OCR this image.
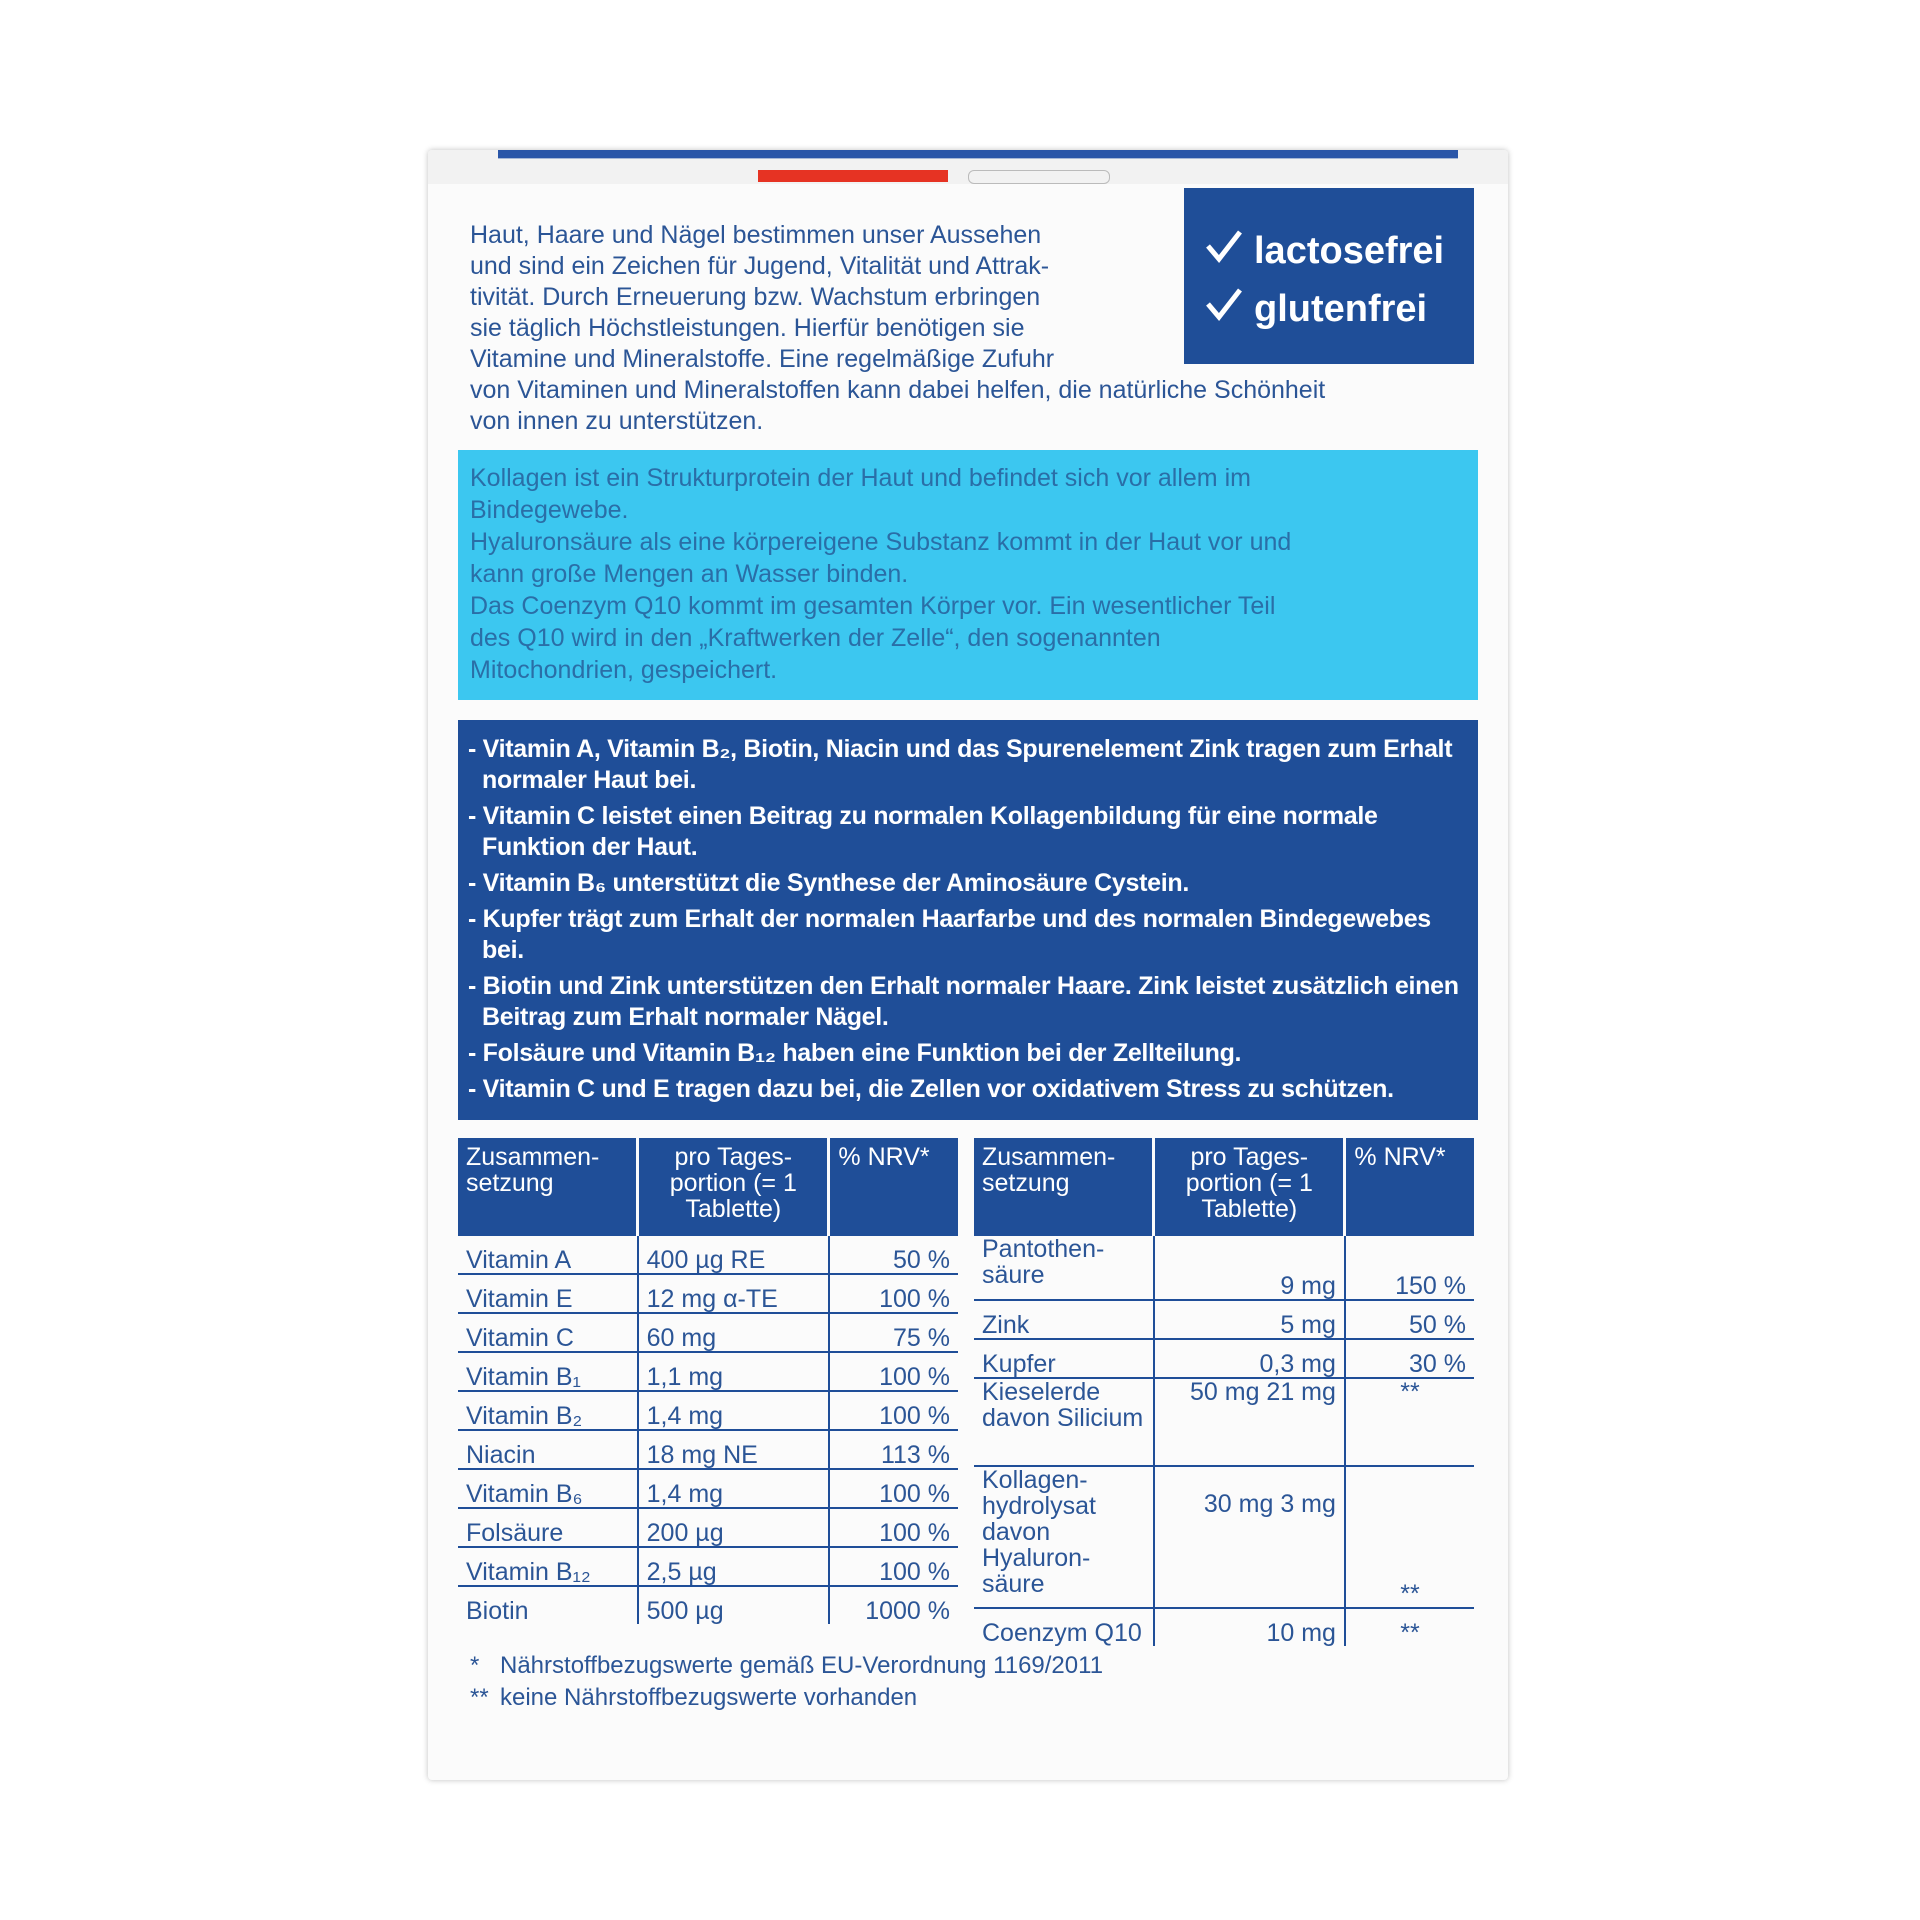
Haut, Haare und Nägel bestimmen unser Aussehen

und sind ein Zeichen für Jugend, Vitalität und Attrak-

tivität. Durch Erneuerung bzw. Wachstum erbringen

sie täglich Höchstleistungen. Hierfür benötigen sie

Vitamine und Mineralstoffe. Eine regelmäßige Zufuhr

von Vitaminen und Mineralstoffen kann dabei helfen, die natürliche Schönheit

von innen zu unterstützen.

lactosefrei
glutenfrei

Kollagen ist ein Strukturprotein der Haut und befindet sich vor allem im

Bindegewebe.

Hyaluronsäure als eine körpereigene Substanz kommt in der Haut vor und

kann große Mengen an Wasser binden.

Das Coenzym Q10 kommt im gesamten Körper vor. Ein wesentlicher Teil

des Q10 wird in den „Kraftwerken der Zelle“, den sogenannten

Mitochondrien, gespeichert.

- Vitamin A, Vitamin B₂, Biotin, Niacin und das Spurenelement Zink tragen zum Erhalt normaler Haut bei.
- Vitamin C leistet einen Beitrag zu normalen Kollagenbildung für eine normale Funktion der Haut.
- Vitamin B₆ unterstützt die Synthese der Aminosäure Cystein.
- Kupfer trägt zum Erhalt der normalen Haarfarbe und des normalen Bindegewebes bei.
- Biotin und Zink unterstützen den Erhalt normaler Haare. Zink leistet zusätzlich einen Beitrag zum Erhalt normaler Nägel.
- Folsäure und Vitamin B₁₂ haben eine Funktion bei der Zellteilung.
- Vitamin C und E tragen dazu bei, die Zellen vor oxidativem Stress zu schützen.
Zusammen- setzung	pro Tages- portion (= 1 Tablette)	% NRV*
Vitamin A	400 µg RE	50 %
Vitamin E	12 mg α-TE	100 %
Vitamin C	60 mg	75 %
Vitamin B₁	1,1 mg	100 %
Vitamin B₂	1,4 mg	100 %
Niacin	18 mg NE	113 %
Vitamin B₆	1,4 mg	100 %
Folsäure	200 µg	100 %
Vitamin B₁₂	2,5 µg	100 %
Biotin	500 µg	1000 %
Zusammen- setzung	pro Tages- portion (= 1 Tablette)	% NRV*
Pantothen- säure	9 mg	150 %
Zink	5 mg	50 %
Kupfer	0,3 mg	30 %
Kieselerde davon Silicium	50 mg 21 mg	**
Kollagen- hydrolysat davon Hyaluron- säure	30 mg 3 mg	**
Coenzym Q10	10 mg	**

* Nährstoffbezugswerte gemäß EU-Verordnung 1169/2011

** keine Nährstoffbezugswerte vorhanden
